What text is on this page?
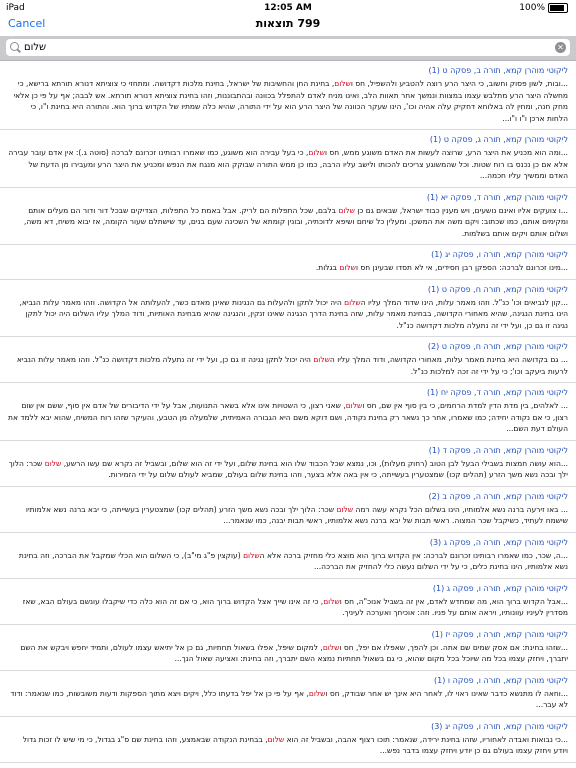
iPad	12:05 AM	100%
Cancel	799 תוצאות
שלום	✕
ליקוטי מוהרן קמא, תורה ב, פסקה ט (1)
...ובות, לשון פסוק וחשוב, כי היצר הרע רוצה להטביע ולהשפיל, חס ושלום, בחינת החן והחשיבות של ישראל, בחינת מלכות דקדושה. ומתחזי כי צוציתא דנורא תורתא ברישא, כי מחשלה היצר הרע מתלבש עצמו במצוות ונמשך אחר תאוות הלב, ואינו מניח לאדם להתפלל בכוונה ובהתבוננות, וזהו בחינת צוציתא דנורא תורתא. אש לבבה; אף על פי כן אלאי מחק חנה, ומחין לה באלוחא דחקיק עלה אהיה וכו', הינו שעקר הכוונה של היצר הרע הוא על ידי התורה, שהיא כלה שמתיו של הקדוש ברוך הוא. והתורה היא בחינת ו"ו, כי הלחות ארכן ו"ו ו"ו...
ליקוטי מוהרן קמא, תורה ג, פסקה ט (1)
...ומה הוא מכניע את היצר הרע, שרוצה לעשות את האדם משוגע ממש, חס ושלום, כי בעל עבירה הוא משוגע, כמו שאמרו רבותינו זכרונם לברכה (סוטה ג.): אין אדם עובר עבירה אלא אם כן נכנס בו רוח שטות. וכל שהמשוגע צריכים להכותו ולישב עליו הרבה, כמו כן ממש התורה שבוקק הוא מנגח את הנפש ומכניע את היצר הרע ומעבירו מן הדעת של האדם וממשיך עליו חכמה...
ליקוטי מוהרן קמא, תורה ד, פסקה יא (1)
...ו צועקים אליו ואינם נושעים, ויש מענין כבוד ישראל, שבאים גם כן שלום בלבם, שכל התפלות הם לריק. אבל באמת כל התפלות, הצדיקים שבכל דור ודור הם מעלים אותם ומקימים אותם, כמו שכתוב: ויקם משה את המשכן. ומעלין כל שיחם ושיפא לדוכתיה, ובונין קומתא של השכינה שעם בנים, עד שישתלם שעור הקומה, אז יבוא משיח, דא משה, ושלום אותם ויקים אותם בשלמות.
ליקוטי מוהרן קמא, תורה ו, פסקה יג (1)
...מינו זכרונם לברכה: הספקן רבן חסידים, אי לא תסדו שבעינן חס ושלום בגלות.
ליקוטי מוהרן קמא, תורה ח, פסקה ט (1)
...קון לנביאים וכו' כנ"ל. וזהו מאמר עלות, הינו שדוד המלך עליו השלום היה יכול לתקן ולהעלות גם הנגינות שאינן מאדם כשר, להעלותה אל הקדושה. וזהו מאמר עלות הנביא, הינו בחינת הנגינה, שהיא מאחורי הקדושה, בבחינת מאמר עלות, שזה בחינת הדרך הנגינה שאינו זנקין, והנגינה שהיא מבחינת האותיות, ודוד המלך עליו השלום היה יכול לתקן נגינה זו גם כן, ועל ידי זה נתעלה מלכות דקדושה כנ"ל.
ליקוטי מוהרן קמא, תורה ח, פסקה ט (2)
... גם בקדושה היא בחינת מאמר עלות, מאחורי הקדושה, ודוד המלך עליו השלום היה יכול לתקן נגינה זו גם כן, ועל ידי זה נתעלה מלכות דקדושה כנ"ל. וזהו מאמר עלות הנביא לרעות ביעקב וכו'; כי על ידי זה זכה למלכות כנ"ל.
ליקוטי מוהרן קמא, תורה ד, פסקה יח (1)
... לאלהים, בין מדת הדין למדת הרחמים, כי בין סוף אין שם, חס ושלום, שאני רצון, כי השטויות אינו אלא בשאר התנועות, אבל על ידי הדיבורים של אדם אין סוף, ששם אין שום רצון, כי אם נקודה יחידה; כמו שאמרו, אחר כך נשאר רק בחינת נקודה, ושם דוקא משם היא הגבורה האמיתית, שלמעלה מן הטבע, והעיקר שזהו רוח המשיח, שהוא יבא ללמד את העולם דעת השם...
ליקוטי מוהרן קמא, תורה ה, פסקה ד (1)
...הוא עושה חמצות בשבילי הבעל לבן הטוב (רחוק מעלות), וכו, נמצא שכל הכבוד שלו הוא בחינת שלום, ועל ידי זה הוא שלום, ובשביל זה נקרא שם עשו הרשע, שלום שכר: הלוך ילך ובכה נשא משך הזרע (תהלים קכו) שמצטערין בעשייתה, כי אין באה אלא בצער, וזהו בחינת שלום בעולם, שמביא לעולם שלום על ידי הזמירות.
ליקוטי מוהרן קמא, תורה ה, פסקה ב (2)
... באו זירעה ברנה נשא אלמותיו, הינו בשלום הכל נקרא עשה רמה שלום שכר: הלוך ילך ובכה נשא משך הזרע (תהלים קכו) שמצטערין בעשייתה, כי יבא ברנה נשא אלמותיו שישמח לעתיד, כשיקבל שכר המצוה. ראשי תבות של יבא ברנה נשא אלמותיו, ראשי תבות יבנה, כמו שנאמר...
ליקוטי מוהרן קמא, תורה ה, פסקה ג (3)
...ה, שכר, כמו שאמרו רבותינו זכרונם לברכה: אין הקדוש ברוך הוא מוצא כלי מחזיק ברכה אלא השלום (עוקצין פ"ג מי"ב), כי השלום הוא הכלי שמקבל את הברכה, וזה בחינת נשא אלמותיו, הינו בחינת כלים, כי על ידי השלום נעשה כלי להחזיק את הברכה...
ליקוטי מוהרן קמא, תורה ו, פסקה ג (1)
...אבל הקדוש ברוך הוא, מה שמחדש לאדם, אין זה בשביל אנוכ"ה, חס ושלום, כי זה אינו שייך אצל הקדוש ברוך הוא, כי אם זה הוא כלה כדי שיקבלו עונשם בעולם הבא, שאז מסדרין לעיניו עוונותיו, ויראה אותם על פניו. וזה: אוכיחך ואערכה לעיניך.
ליקוטי מוהרן קמא, תורה ו, פסקה יז (1)
...שזהו בחינת: אם אסק שמים שם אתה. וכן להפך, שאפלו אם יפל, חס ושלום, למקום שיפל, אפלו בשאול תחתיות, גם כן אל יתיאש עצמו לעולם, ותמיד יחפש ויבקש את השם יתברך, ויחזק עצמו בכל מה שיוכל בכל מקום שהוא, כי גם בשאול תחתיות נמצא השם יתברך, וזה בחינת: ואציעה שאול הנך...
ליקוטי מוהרן קמא, תורה ו, פסקה ו (1)
...וחאה לו מתנשא כדבר שאינו ראוי לו, לאחר היא אינך יש אחר שבודק, חס ושלום, אף על פי כן אל יפל בדעתו כלל, ויקים ויצא מתוך הספקות ודעות משובשות, כמו שנאמר: ודוד לא עבר...
ליקוטי מוהרן קמא, תורה ו, פסקה יג (3)
...כי נבואות ואבדה לאחוריו, שזהו בחינת ירידה, שנאמר: תוכו רצוף אהבה, ובשביל זה הוא שלום, בבחינת הנקודה שבאמצע, וזהו בחינת שם ס"ג בגדול, כי מי שיש לו זכות גדול ויודע ויחזק עצמו בעולם גם כן יודע ויחזק עצמו בדבר נפש...
